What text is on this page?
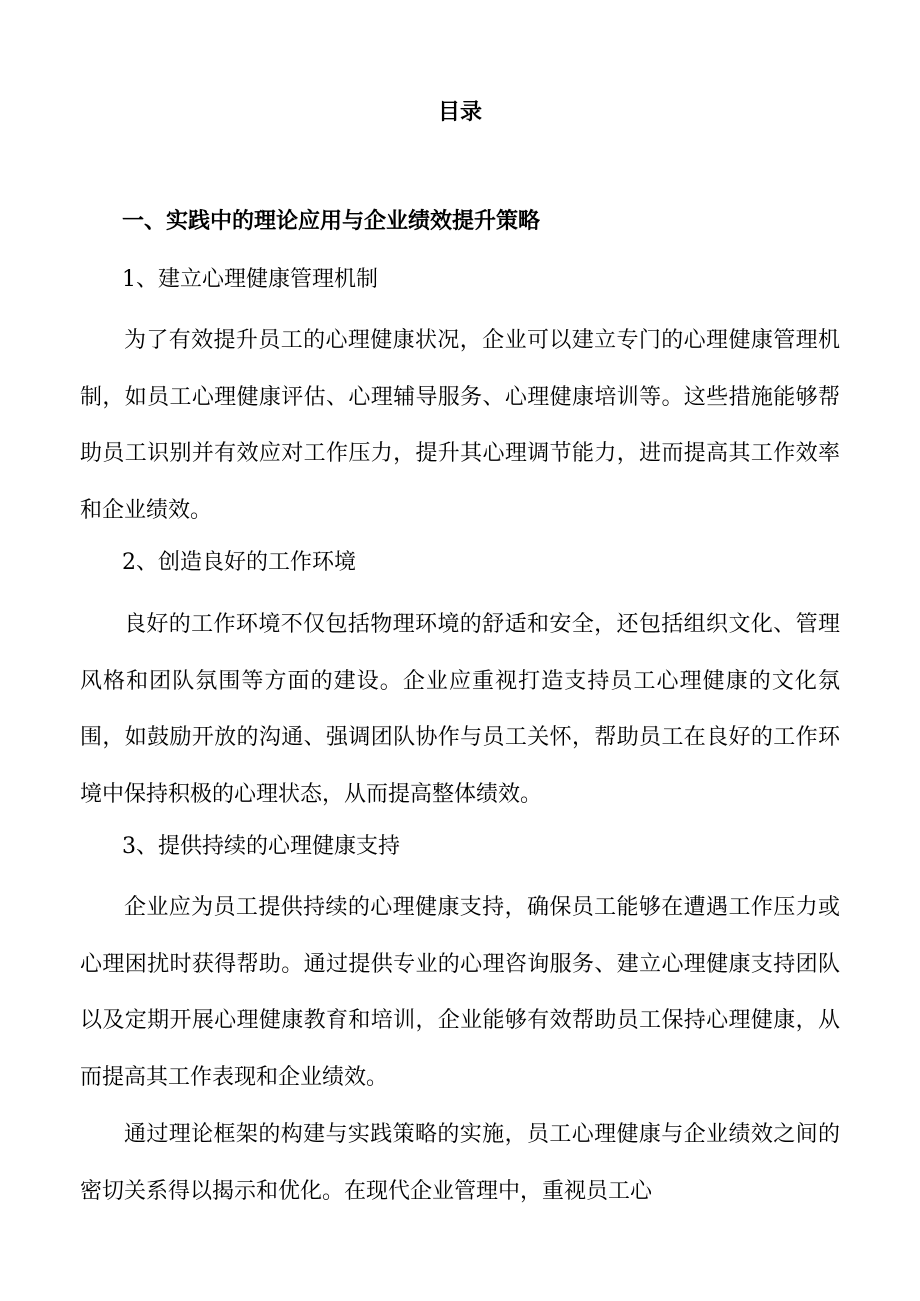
目录
一、实践中的理论应用与企业绩效提升策略
1、建立心理健康管理机制

为了有效提升员工的心理健康状况，企业可以建立专门的心理健康管理机制，如员工心理健康评估、心理辅导服务、心理健康培训等。这些措施能够帮助员工识别并有效应对工作压力，提升其心理调节能力，进而提高其工作效率和企业绩效。

2、创造良好的工作环境

良好的工作环境不仅包括物理环境的舒适和安全，还包括组织文化、管理风格和团队氛围等方面的建设。企业应重视打造支持员工心理健康的文化氛围，如鼓励开放的沟通、强调团队协作与员工关怀，帮助员工在良好的工作环境中保持积极的心理状态，从而提高整体绩效。

3、提供持续的心理健康支持

企业应为员工提供持续的心理健康支持，确保员工能够在遭遇工作压力或心理困扰时获得帮助。通过提供专业的心理咨询服务、建立心理健康支持团队以及定期开展心理健康教育和培训，企业能够有效帮助员工保持心理健康，从而提高其工作表现和企业绩效。

通过理论框架的构建与实践策略的实施，员工心理健康与企业绩效之间的密切关系得以揭示和优化。在现代企业管理中，重视员工心
